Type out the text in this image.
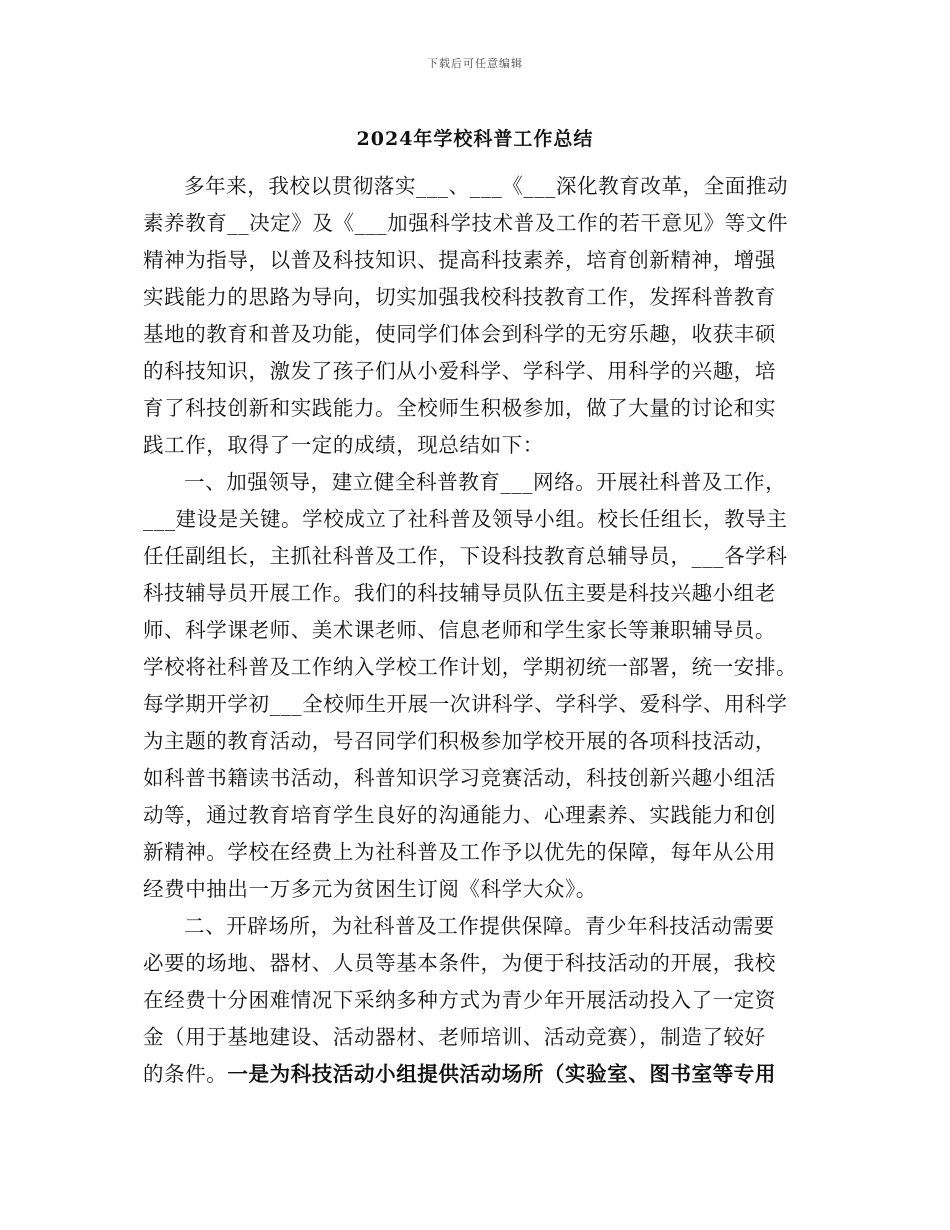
下载后可任意编辑
2024年学校科普工作总结
多年来，我校以贯彻落实___、___《___深化教育改革，全面推动
素养教育__决定》及《___加强科学技术普及工作的若干意见》等文件
精神为指导，以普及科技知识、提高科技素养，培育创新精神，增强
实践能力的思路为导向，切实加强我校科技教育工作，发挥科普教育
基地的教育和普及功能，使同学们体会到科学的无穷乐趣，收获丰硕
的科技知识，激发了孩子们从小爱科学、学科学、用科学的兴趣，培
育了科技创新和实践能力。全校师生积极参加，做了大量的讨论和实
践工作，取得了一定的成绩，现总结如下：
一、加强领导，建立健全科普教育___网络。开展社科普及工作，
___建设是关键。学校成立了社科普及领导小组。校长任组长，教导主
任任副组长，主抓社科普及工作，下设科技教育总辅导员，___各学科
科技辅导员开展工作。我们的科技辅导员队伍主要是科技兴趣小组老
师、科学课老师、美术课老师、信息老师和学生家长等兼职辅导员。
学校将社科普及工作纳入学校工作计划，学期初统一部署，统一安排。
每学期开学初___全校师生开展一次讲科学、学科学、爱科学、用科学
为主题的教育活动，号召同学们积极参加学校开展的各项科技活动，
如科普书籍读书活动，科普知识学习竞赛活动，科技创新兴趣小组活
动等，通过教育培育学生良好的沟通能力、心理素养、实践能力和创
新精神。学校在经费上为社科普及工作予以优先的保障，每年从公用
经费中抽出一万多元为贫困生订阅《科学大众》。
二、开辟场所，为社科普及工作提供保障。青少年科技活动需要
必要的场地、器材、人员等基本条件，为便于科技活动的开展，我校
在经费十分困难情况下采纳多种方式为青少年开展活动投入了一定资
金（用于基地建设、活动器材、老师培训、活动竞赛），制造了较好
的条件。一是为科技活动小组提供活动场所（实验室、图书室等专用
